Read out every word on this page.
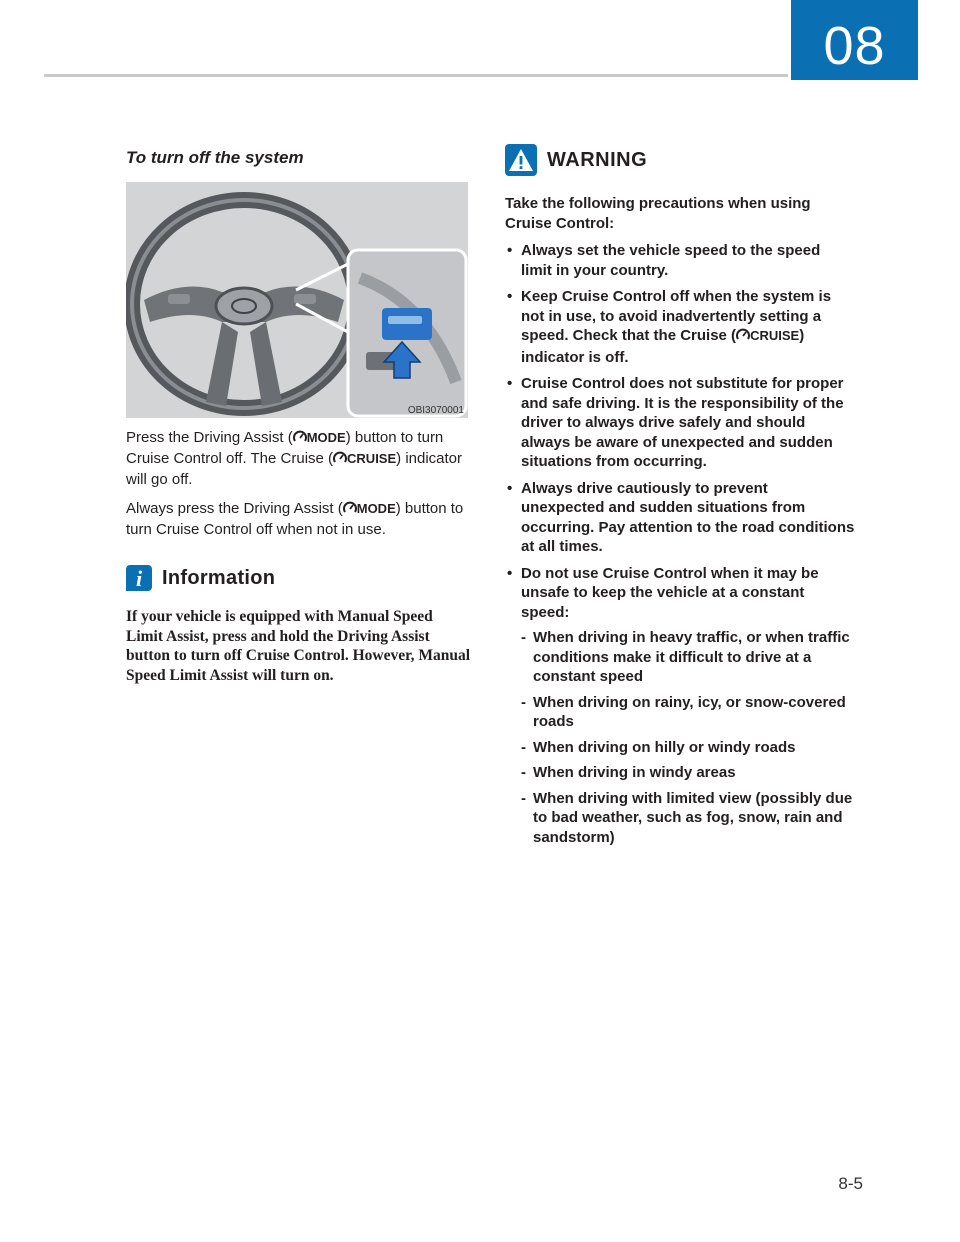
08
To turn off the system
OBI3070001

Press the Driving Assist ( MODE) button to turn Cruise Control off. The Cruise ( CRUISE) indicator will go off.

Always press the Driving Assist ( MODE) button to turn Cruise Control off when not in use.

i Information
If your vehicle is equipped with Manual Speed Limit Assist, press and hold the Driving Assist button to turn off Cruise Control. However, Manual Speed Limit Assist will turn on.
WARNING

Take the following precautions when using Cruise Control:

• Always set the vehicle speed to the speed limit in your country.
• Keep Cruise Control off when the system is not in use, to avoid inadvertently setting a speed. Check that the Cruise ( CRUISE) indicator is off.
• Cruise Control does not substitute for proper and safe driving. It is the responsibility of the driver to always drive safely and should always be aware of unexpected and sudden situations from occurring.
• Always drive cautiously to prevent unexpected and sudden situations from occurring. Pay attention to the road conditions at all times.
• Do not use Cruise Control when it may be unsafe to keep the vehicle at a constant speed:
- When driving in heavy traffic, or when traffic conditions make it difficult to drive at a constant speed
- When driving on rainy, icy, or snow-covered roads
- When driving on hilly or windy roads
- When driving in windy areas
- When driving with limited view (possibly due to bad weather, such as fog, snow, rain and sandstorm)
8-5
